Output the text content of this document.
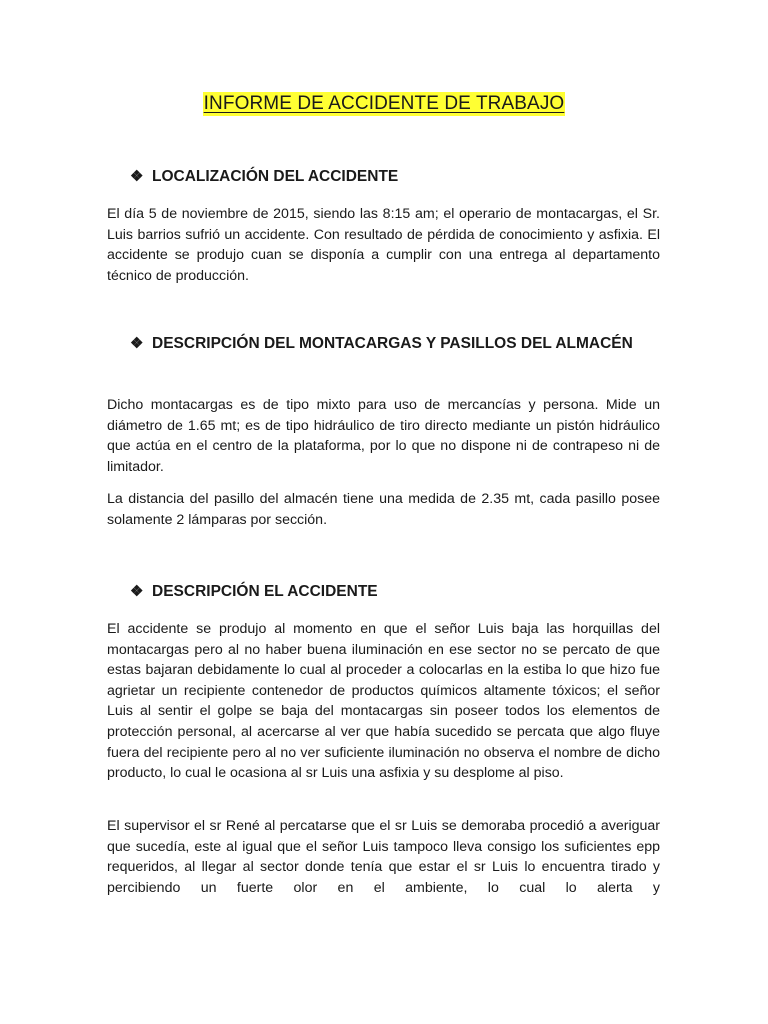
INFORME DE ACCIDENTE DE TRABAJO
❖ LOCALIZACIÓN DEL ACCIDENTE

El día 5 de noviembre de 2015, siendo las 8:15 am; el operario de montacargas, el Sr. Luis barrios sufrió un accidente. Con resultado de pérdida de conocimiento y asfixia. El accidente se produjo cuan se disponía a cumplir con una entrega al departamento técnico de producción.

❖ DESCRIPCIÓN DEL MONTACARGAS Y PASILLOS DEL ALMACÉN

Dicho montacargas es de tipo mixto para uso de mercancías y persona. Mide un diámetro de 1.65 mt; es de tipo hidráulico de tiro directo mediante un pistón hidráulico que actúa en el centro de la plataforma, por lo que no dispone ni de contrapeso ni de limitador.

La distancia del pasillo del almacén tiene una medida de 2.35 mt, cada pasillo posee solamente 2 lámparas por sección.

❖ DESCRIPCIÓN EL ACCIDENTE

El accidente se produjo al momento en que el señor Luis baja las horquillas del montacargas pero al no haber buena iluminación en ese sector no se percato de que estas bajaran debidamente lo cual al proceder a colocarlas en la estiba lo que hizo fue agrietar un recipiente contenedor de productos químicos altamente tóxicos; el señor Luis al sentir el golpe se baja del montacargas sin poseer todos los elementos de protección personal, al acercarse al ver que había sucedido se percata que algo fluye fuera del recipiente pero al no ver suficiente iluminación no observa el nombre de dicho producto, lo cual le ocasiona al sr Luis una asfixia y su desplome al piso.

El supervisor el sr René al percatarse que el sr Luis se demoraba procedió a averiguar que sucedía, este al igual que el señor Luis tampoco lleva consigo los suficientes epp requeridos, al llegar al sector donde tenía que estar el sr Luis lo encuentra tirado y percibiendo un fuerte olor en el ambiente, lo cual lo alerta y
